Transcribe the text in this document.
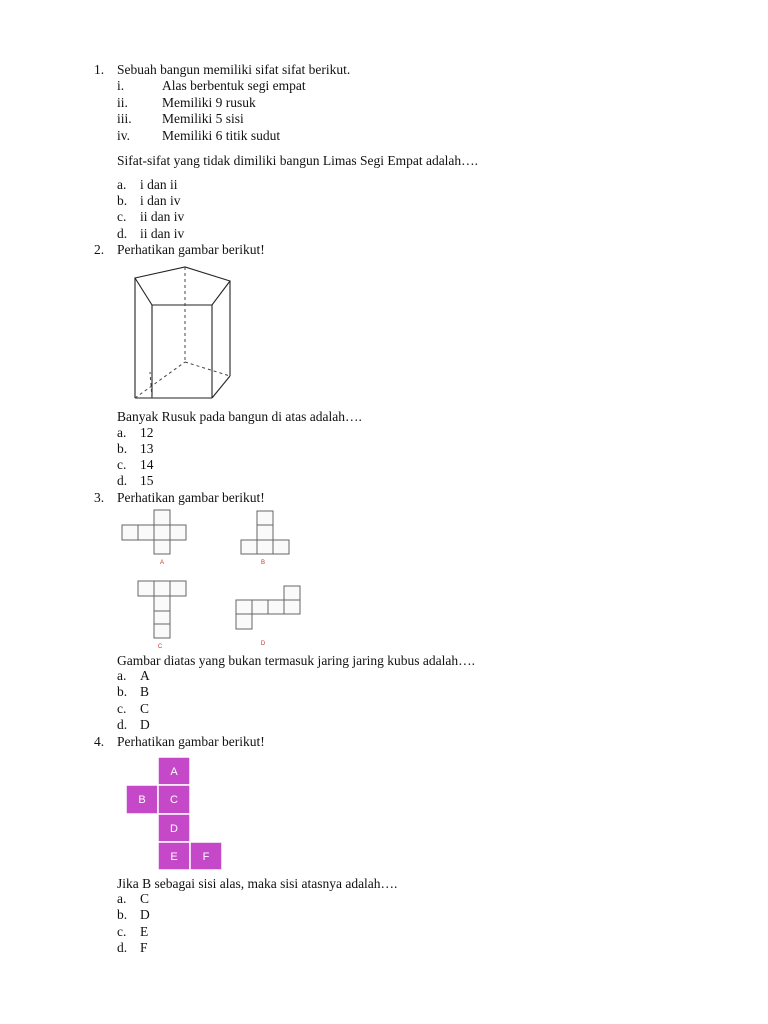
1. Sebuah bangun memiliki sifat sifat berikut.
i.	Alas berbentuk segi empat
ii.	Memiliki 9 rusuk
iii. Memiliki 5 sisi
iv. Memiliki 6 titik sudut
Sifat-sifat yang tidak dimiliki bangun Limas Segi Empat adalah….
a. i dan ii
b. i dan iv
c. ii dan iv
d. ii dan iv
2. Perhatikan gambar berikut!
Banyak Rusuk pada bangun di atas adalah….
a. 12
b. 13
c. 14
d. 15
3. Perhatikan gambar berikut!
A	B
C	D
Gambar diatas yang bukan termasuk jaring jaring kubus adalah….
a. A
b. B
c. C
d. D
4. Perhatikan gambar berikut!
A
B C
D
E F
Jika B sebagai sisi alas, maka sisi atasnya adalah….
a. C
b. D
c. E
d. F
